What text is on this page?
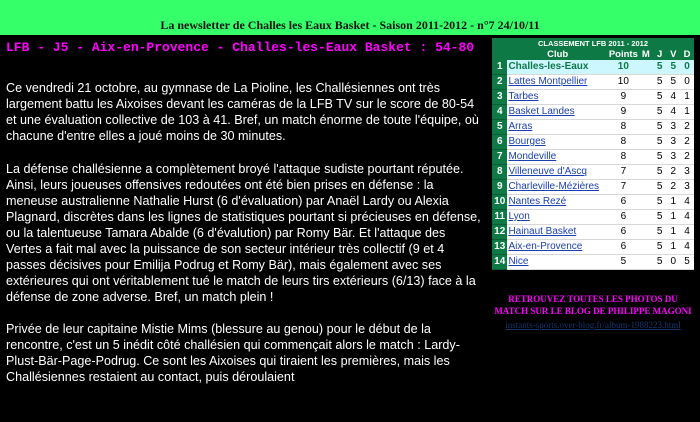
La newsletter de Challes les Eaux Basket - Saison 2011-2012 - n°7 24/10/11
LFB - J5 - Aix-en-Provence - Challes-les-Eaux Basket : 54-80

Ce vendredi 21 octobre, au gymnase de La Pioline, les Challésiennes ont très largement battu les Aixoises devant les caméras de la LFB TV sur le score de 80-54 et une évaluation collective de 103 à 41. Bref, un match énorme de toute l'équipe, où chacune d'entre elles a joué moins de 30 minutes.

La défense challésienne a complètement broyé l'attaque sudiste pourtant réputée. Ainsi, leurs joueuses offensives redoutées ont été bien prises en défense : la meneuse australienne Nathalie Hurst (6 d'évaluation) par Anaël Lardy ou Alexia Plagnard, discrètes dans les lignes de statistiques pourtant si précieuses en défense, ou la talentueuse Tamara Abalde (6 d'évalution) par Romy Bär. Et l'attaque des Vertes a fait mal avec la puissance de son secteur intérieur très collectif (9 et 4 passes décisives pour Emilija Podrug et Romy Bär), mais également avec ses extérieures qui ont véritablement tué le match de leurs tirs extérieurs (6/13) face à la défense de zone adverse. Bref, un match plein !

Privée de leur capitaine Mistie Mims (blessure au genou) pour le début de la rencontre, c'est un 5 inédit côté challésien qui commençait alors le match : Lardy-Plust-Bär-Page-Podrug. Ce sont les Aixoises qui tiraient les premières, mais les Challésiennes restaient au contact, puis déroulaient

CLASSEMENT LFB 2011 - 2012
	Club	Points	M	J	V	D
1	Challes-les-Eaux	10		5	5	0
2	Lattes Montpellier	10		5	5	0
3	Tarbes	9		5	4	1
4	Basket Landes	9		5	4	1
5	Arras	8		5	3	2
6	Bourges	8		5	3	2
7	Mondeville	8		5	3	2
8	Villeneuve d'Ascq	7		5	2	3
9	Charleville-Mézières	7		5	2	3
10	Nantes Rezé	6		5	1	4
11	Lyon	6		5	1	4
12	Hainaut Basket	6		5	1	4
13	Aix-en-Provence	6		5	1	4
14	Nice	5		5	0	5
RETROUVEZ TOUTES LES PHOTOS DU MATCH SUR LE BLOG DE PHILIPPE MAGONI
instants-sports.over-blog.fr/album-1988223.html
